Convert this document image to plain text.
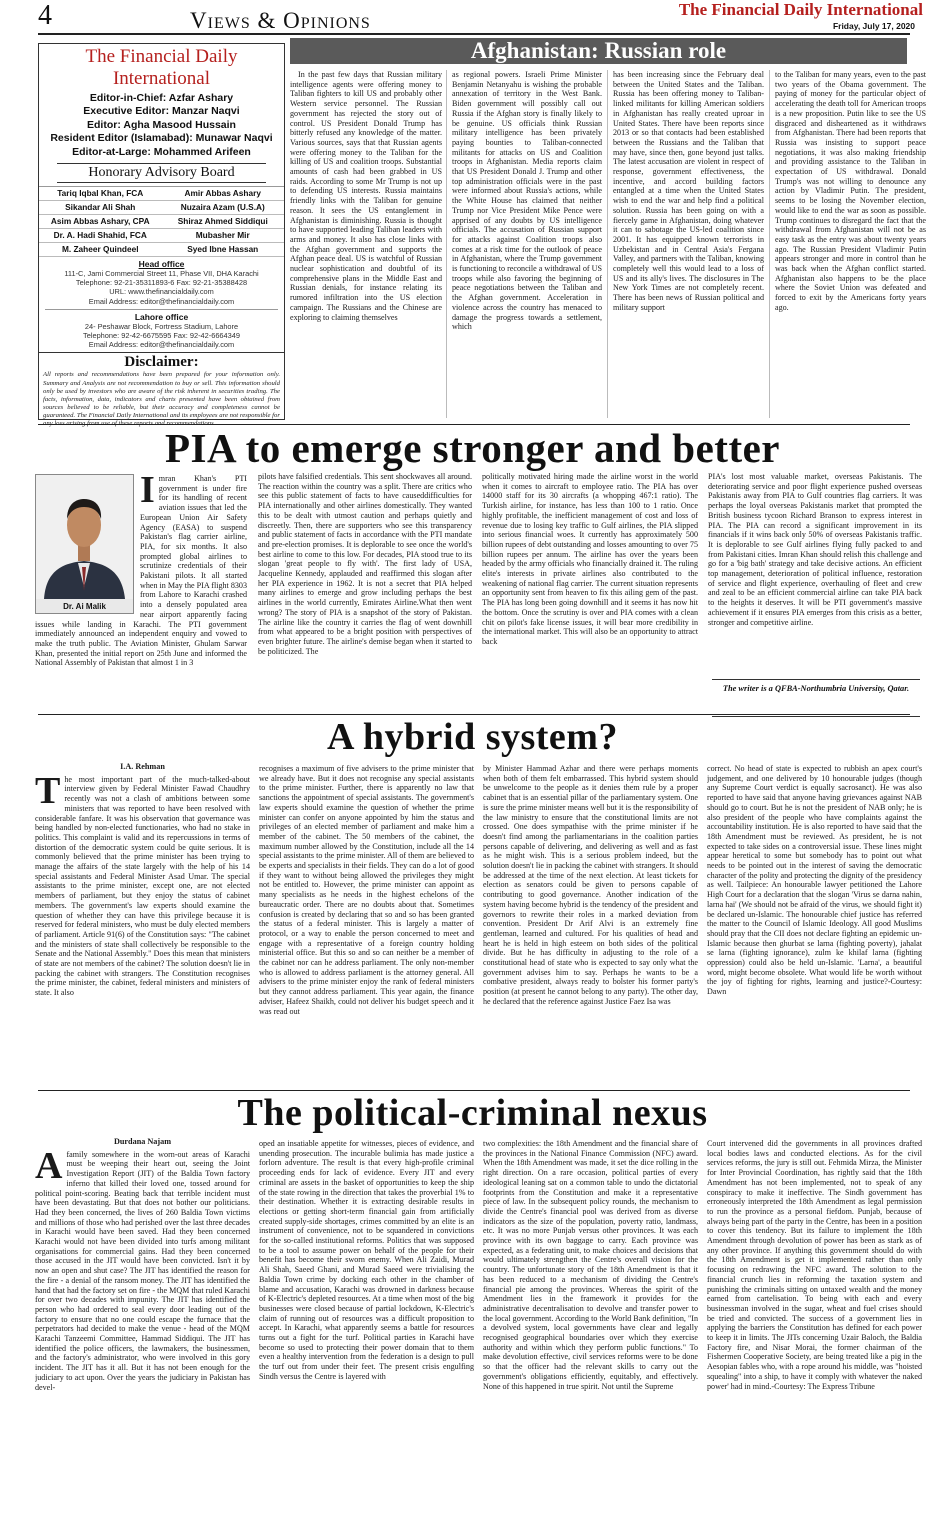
4	Views & Opinions	The Financial Daily International
Friday, July 17, 2020
The Financial Daily International
Editor-in-Chief: Azfar Ashary
Executive Editor: Manzar Naqvi
Editor: Agha Masood Hussain
Resident Editor (Islamabad): Munawar Naqvi
Editor-at-Large: Mohammed Arifeen
Honorary Advisory Board
Tariq Iqbal Khan, FCA	Amir Abbas Ashary
Sikandar Ali Shah	Nuzaira Azam (U.S.A)
Asim Abbas Ashary, CPA	Shiraz Ahmed Siddiqui
Dr. A. Hadi Shahid, FCA	Mubasher Mir
M. Zaheer Quindeel	Syed Ibne Hassan
Head office
111-C, Jami Commercial Street 11, Phase VII, DHA Karachi
Telephone: 92-21-35311893-6 Fax: 92-21-35388428
URL: www.thefinancialdaily.com
Email Address: editor@thefinancialdaily.com
Lahore office
24- Peshawar Block, Fortress Stadium, Lahore
Telephone: 92-42-6675595 Fax: 92-42-6664349
Email Address: editor@thefinancialdaily.com
Disclaimer:
All reports and recommendations have been prepared for your information only. Summary and Analysis are not recommendation to buy or sell. This information should only be used by investors who are aware of the risk inherent in securities trading. The facts, information, data, indicators and charts presented have been obtained from sources believed to be reliable, but their accuracy and completeness cannot be guaranteed. The Financial Daily International and its employees are not responsible for
Afghanistan: Russian role

In the past few days that Russian military intelligence agents were offering money to Taliban fighters to kill US and probably other Western service personnel. The Russian government has rejected the story out of control. US President Donald Trump has bitterly refused any knowledge of the matter. Various sources, says that that Russian agents were offering money to the Taliban for the killing of US and coalition troops. Substantial amounts of cash had been grabbed in US raids. According to some Mr Trump is not up to defending US interests. Russia maintains friendly links with the Taliban for genuine reason. It sees the US entanglement in Afghanistan is diminishing. Russia is thought to have supported leading Taliban leaders with arms and money. It also has close links with the Afghan government and supports the Afghan peace deal. US is watchful of Russian nuclear sophistication and doubtful of its comprehensive plans in the Middle East and Russian denials, for instance relating its rumored infiltration into the US election campaign. The Russians and the Chinese are exploring to claiming themselves

as regional powers. Israeli Prime Minister Benjamin Netanyahu is wishing the probable annexation of territory in the West Bank. Biden government will possibly call out Russia if the Afghan story is finally likely to be genuine. US officials think Russian military intelligence has been privately paying bounties to Taliban-connected militants for attacks on US and Coalition troops in Afghanistan. Media reports claim that US President Donald J. Trump and other top administration officials were in the past were informed about Russia's actions, while the White House has claimed that neither Trump nor Vice President Mike Pence were apprised of any doubts by US intelligence officials. The accusation of Russian support for attacks against Coalition troops also comes at a risk time for the outlook of peace in Afghanistan, where the Trump government is functioning to reconcile a withdrawal of US troops while also favoring the beginning of peace negotiations between the Taliban and the Afghan government. Acceleration in violence across the country has menaced to damage the progress towards a settlement, which

has been increasing since the February deal between the United States and the Taliban. Russia has been offering money to Taliban-linked militants for killing American soldiers in Afghanistan has really created uproar in United States. There have been reports since 2013 or so that contacts had been established between the Russians and the Taliban that may have, since then, gone beyond just talks. The latest accusation are violent in respect of response, government effectiveness, the incentive, and accord building factors entangled at a time when the United States wish to end the war and help find a political solution. Russia has been going on with a fiercely game in Afghanistan, doing whatever it can to sabotage the US-led coalition since 2001. It has equipped known terrorists in Uzbekistan and in Central Asia's Fergana Valley, and partners with the Taliban, knowing completely well this would lead to a loss of US and its ally's lives. The disclosures in The New York Times are not completely recent. There has been news of Russian political and military support

to the Taliban for many years, even to the past two years of the Obama government. The paying of money for the particular object of accelerating the death toll for American troops is a new proposition. Putin like to see the US disgraced and disheartened as it withdraws from Afghanistan. There had been reports that Russia was insisting to support peace negotiations, it was also making friendship and providing assistance to the Taliban in expectation of US withdrawal. Donald Trump's was not willing to denounce any action by Vladimir Putin. The president, seems to be losing the November election, would like to end the war as soon as possible. Trump continues to disregard the fact that the withdrawal from Afghanistan will not be as easy task as the entry was about twenty years ago. The Russian President Vladimir Putin appears stronger and more in control than he was back when the Afghan conflict started. Afghanistan also happens to be the place where the Soviet Union was defeated and forced to exit by the Americans forty years ago.

PIA to emerge stronger and better
Dr. Ai Malik
Imran Khan's PTI government is under fire for its handling of recent aviation issues that led the European Union Air Safety Agency (EASA) to suspend Pakistan's flag carrier airline, PIA, for six months. It also prompted global airlines to scrutinize credentials of their Pakistani pilots. It all started when in May the PIA flight 8303 from Lahore to Karachi crashed into a densely populated area near airport apparently facing issues while landing in Karachi. The PTI government immediately announced an independent enquiry and vowed to make the truth public. The Aviation Minister, Ghulam Sarwar Khan, presented the initial report on 25th June and informed the National Assembly of Pakistan that almost 1 in 3

pilots have falsified credentials. This sent shockwaves all around. The reaction within the country was a split. There are critics who see this public statement of facts to have causeddifficulties for PIA internationally and other airlines domestically. They wanted this to be dealt with utmost caution and perhaps quietly and discreetly. Then, there are supporters who see this transparency and public statement of facts in accordance with the PTI mandate and pre-election promises. It is deplorable to see once the world's best airline to come to this low. For decades, PIA stood true to its slogan 'great people to fly with'. The first lady of USA, Jacqueline Kennedy, applauded and reaffirmed this slogan after her PIA experience in 1962. It is not a secret that PIA helped many airlines to emerge and grow including perhaps the best airlines in the world currently, Emirates Airline.What then went wrong? The story of PIA is a snapshot of the story of Pakistan. The airline like the country it carries the flag of went downhill from what appeared to be a bright position with perspectives of even brighter future. The airline's demise began when it started to be politicized. The

politically motivated hiring made the airline worst in the world when it comes to aircraft to employee ratio. The PIA has over 14000 staff for its 30 aircrafts (a whopping 467:1 ratio). The Turkish airline, for instance, has less than 100 to 1 ratio. Once highly profitable, the inefficient management of cost and loss of revenue due to losing key traffic to Gulf airlines, the PIA slipped into serious financial woes. It currently has approximately 500 billion rupees of debt outstanding and losses amounting to over 75 billion rupees per annum. The airline has over the years been headed by the army officials who financially drained it. The ruling elite's interests in private airlines also contributed to the weakening of national flag carrier. The current situation represents an opportunity sent from heaven to fix this ailing gem of the past. The PIA has long been going downhill and it seems it has now hit the bottom. Once the scrutiny is over and PIA comes with a clean chit on pilot's fake license issues, it will bear more credibility in the international market. This will also be an opportunity to attract back

PIA's lost most valuable market, overseas Pakistanis. The deteriorating service and poor flight experience pushed overseas Pakistanis away from PIA to Gulf countries flag carriers. It was perhaps the loyal overseas Pakistanis market that prompted the British business tycoon Richard Branson to express interest in PIA. The PIA can record a significant improvement in its financials if it wins back only 50% of overseas Pakistanis traffic. It is deplorable to see Gulf airlines flying fully packed to and from Pakistani cities. Imran Khan should relish this challenge and go for a 'big bath' strategy and take decisive actions. An efficient top management, deterioration of political influence, restoration of service and flight experience, overhauling of fleet and crew and zeal to be an efficient commercial airline can take PIA back to the heights it deserves. It will be PTI government's massive achievement if it ensures PIA emerges from this crisis as a better, stronger and competitive airline.

The writer is a QFBA-Northumbria University, Qatar.
A hybrid system?
I.A. Rehman
T he most important part of the much-talked-about interview given by Federal Minister Fawad Chaudhry recently was not a clash of ambitions between some ministers that was reported to have been resolved with considerable fanfare. It was his observation that governance was being handled by non-elected functionaries, who had no stake in politics. This complaint is valid and its repercussions in terms of distortion of the democratic system could be quite serious. It is commonly believed that the prime minister has been trying to manage the affairs of the state largely with the help of his 14 special assistants and Federal Minister Asad Umar. The special assistants to the prime minister, except one, are not elected members of parliament, but they enjoy the status of cabinet members. The government's law experts should examine the question of whether they can have this privilege because it is reserved for federal ministers, who must be duly elected members of parliament. Article 91(6) of the Constitution says: "The cabinet and the ministers of state shall collectively be responsible to the Senate and the National Assembly." Does this mean that ministers of state are not members of the cabinet? The solution doesn't lie in packing the cabinet with strangers. The Constitution recognises the prime minister, the cabinet, federal ministers and ministers of state. It also

recognises a maximum of five advisers to the prime minister that we already have. But it does not recognise any special assistants to the prime minister. Further, there is apparently no law that sanctions the appointment of special assistants. The government's law experts should examine the question of whether the prime minister can confer on anyone appointed by him the status and privileges of an elected member of parliament and make him a member of the cabinet. The 50 members of the cabinet, the maximum number allowed by the Constitution, include all the 14 special assistants to the prime minister. All of them are believed to be experts and specialists in their fields. They can do a lot of good if they want to without being allowed the privileges they might not be entitled to. However, the prime minister can appoint as many specialists as he needs in the highest echelons of the bureaucratic order. There are no doubts about that. Sometimes confusion is created by declaring that so and so has been granted the status of a federal minister. This is largely a matter of protocol, or a way to enable the person concerned to meet and engage with a representative of a foreign country holding ministerial office. But this so and so can neither be a member of the cabinet nor can he address parliament. The only non-member who is allowed to address parliament is the attorney general. All advisers to the prime minister enjoy the rank of federal ministers but they cannot address parliament. This year again, the finance adviser, Hafeez Shaikh, could not deliver his budget speech and it was read out

by Minister Hammad Azhar and there were perhaps moments when both of them felt embarrassed. This hybrid system should be unwelcome to the people as it denies them rule by a proper cabinet that is an essential pillar of the parliamentary system. One is sure the prime minister means well but it is the responsibility of the law ministry to ensure that the constitutional limits are not crossed. One does sympathise with the prime minister if he doesn't find among the parliamentarians in the coalition parties persons capable of delivering, and delivering as well and as fast as he might wish. This is a serious problem indeed, but the solution doesn't lie in packing the cabinet with strangers. It should be addressed at the time of the next election. At least tickets for election as senators could be given to persons capable of contributing to good governance. Another indication of the system having become hybrid is the tendency of the president and governors to rewrite their roles in a marked deviation from convention. President Dr Arif Alvi is an extremely fine gentleman, learned and cultured. For his qualities of head and heart he is held in high esteem on both sides of the political divide. But he has difficulty in adjusting to the role of a constitutional head of state who is expected to say only what the government advises him to say. Perhaps he wants to be a combative president, always ready to bolster his former party's position (at present he cannot belong to any party). The other day, he declared that the reference against Justice Faez Isa was

correct. No head of state is expected to rubbish an apex court's judgement, and one delivered by 10 honourable judges (though any Supreme Court verdict is equally sacrosanct). He was also reported to have said that anyone having grievances against NAB should go to court. But he is not the president of NAB only; he is also president of the people who have complaints against the accountability institution. He is also reported to have said that the 18th Amendment must be reviewed. As president, he is not expected to take sides on a controversial issue. These lines might appear heretical to some but somebody has to point out what needs to be pointed out in the interest of saving the democratic character of the polity and protecting the dignity of the presidency as well. Tailpiece: An honourable lawyer petitioned the Lahore High Court for a declaration that the slogan 'Virus se darna nahin, larna hai' (We should not be afraid of the virus, we should fight it) be declared un-Islamic. The honourable chief justice has referred the matter to the Council of Islamic Ideology. All good Muslims should pray that the CII does not declare fighting an epidemic un-Islamic because then ghurbat se larna (fighting poverty), jahalat se larna (fighting ignorance), zulm ke khilaf larna (fighting oppression) could also be held un-Islamic. 'Larna', a beautiful word, might become obsolete. What would life be worth without the joy of fighting for rights, learning and justice?-Courtesy: Dawn

The political-criminal nexus
Durdana Najam
A family somewhere in the worn-out areas of Karachi must be weeping their heart out, seeing the Joint Investigation Report (JIT) of the Baldia Town factory inferno that killed their loved one, tossed around for political point-scoring. Beating back that terrible incident must have been devastating. But that does not bother our politicians. Had they been concerned, the lives of 260 Baldia Town victims and millions of those who had perished over the last three decades in Karachi would have been saved. Had they been concerned Karachi would not have been divided into turfs among militant organisations for commercial gains. Had they been concerned those accused in the JIT would have been convicted. Isn't it by now an open and shut case? The JIT has identified the reason for the fire - a denial of the ransom money. The JIT has identified the hand that had the factory set on fire - the MQM that ruled Karachi for over two decades with impunity. The JIT has identified the person who had ordered to seal every door leading out of the factory to ensure that no one could escape the furnace that the perpetrators had decided to make the venue - head of the MQM Karachi Tanzeemi Committee, Hammad Siddiqui. The JIT has identified the police officers, the lawmakers, the businessmen, and the factory's administrator, who were involved in this gory incident. The JIT has it all. But it has not been enough for the judiciary to act upon. Over the years the judiciary in Pakistan has devel-

oped an insatiable appetite for witnesses, pieces of evidence, and unending prosecution. The incurable bulimia has made justice a forlorn adventure. The result is that every high-profile criminal proceeding ends for lack of evidence. Every JIT and every criminal are assets in the basket of opportunities to keep the ship of the state rowing in the direction that takes the proverbial 1% to their destination. Whether it is extracting desirable results in elections or getting short-term financial gain from artificially created supply-side shortages, crimes committed by an elite is an instrument of convenience, not to be squandered in convictions for the so-called institutional reforms. Politics that was supposed to be a tool to assume power on behalf of the people for their benefit has become their sworn enemy. When Ali Zaidi, Murad Ali Shah, Saeed Ghani, and Murad Saeed were trivialising the Baldia Town crime by docking each other in the chamber of blame and accusation, Karachi was drowned in darkness because of K-Electric's depleted resources. At a time when most of the big businesses were closed because of partial lockdown, K-Electric's claim of running out of resources was a difficult proposition to accept. In Karachi, what apparently seems a battle for resources turns out a fight for the turf. Political parties in Karachi have become so used to protecting their power domain that to them even a healthy intervention from the federation is a design to pull the turf out from under their feet. The present crisis engulfing Sindh versus the Centre is layered with

two complexities: the 18th Amendment and the financial share of the provinces in the National Finance Commission (NFC) award. When the 18th Amendment was made, it set the dice rolling in the right direction. On a rare occasion, political parties of every ideological leaning sat on a common table to undo the dictatorial footprints from the Constitution and make it a representative piece of law. In the subsequent policy rounds, the mechanism to divide the Centre's financial pool was derived from as diverse indicators as the size of the population, poverty ratio, landmass, etc. It was no more Punjab versus other provinces. It was each province with its own baggage to carry. Each province was expected, as a federating unit, to make choices and decisions that would ultimately strengthen the Centre's overall vision for the country. The unfortunate story of the 18th Amendment is that it has been reduced to a mechanism of dividing the Centre's financial pie among the provinces. Whereas the spirit of the Amendment lies in the framework it provides for the administrative decentralisation to devolve and transfer power to the local government. According to the World Bank definition, "In a devolved system, local governments have clear and legally recognised geographical boundaries over which they exercise authority and within which they perform public functions." To make devolution effective, civil services reforms were to be done so that the officer had the relevant skills to carry out the government's obligations efficiently, equitably, and effectively. None of this happened in true spirit. Not until the Supreme

Court intervened did the governments in all provinces drafted local bodies laws and conducted elections. As for the civil services reforms, the jury is still out. Fehmida Mirza, the Minister for Inter Provincial Coordination, has rightly said that the 18th Amendment has not been implemented, not to speak of any conspiracy to make it ineffective. The Sindh government has erroneously interpreted the 18th Amendment as legal permission to run the province as a personal fiefdom. Punjab, because of always being part of the party in the Centre, has been in a position to cover this tendency. But its failure to implement the 18th Amendment through devolution of power has been as stark as of any other province. If anything this government should do with the 18th Amendment is get it implemented rather than only focusing on redrawing the NFC award. The solution to the financial crunch lies in reforming the taxation system and punishing the criminals sitting on untaxed wealth and the money earned from cartelisation. To being with each and every businessman involved in the sugar, wheat and fuel crises should be tried and convicted. The success of a government lies in applying the barriers the Constitution has defined for each power to keep it in limits. The JITs concerning Uzair Baloch, the Baldia Factory fire, and Nisar Morai, the former chairman of the Fishermen Cooperative Society, are being treated like a pig in the Aesopian fables who, with a rope around his middle, was "hoisted squealing" into a ship, to have it comply with whatever the naked power' had in mind.-Courtesy: The Express Tribune
